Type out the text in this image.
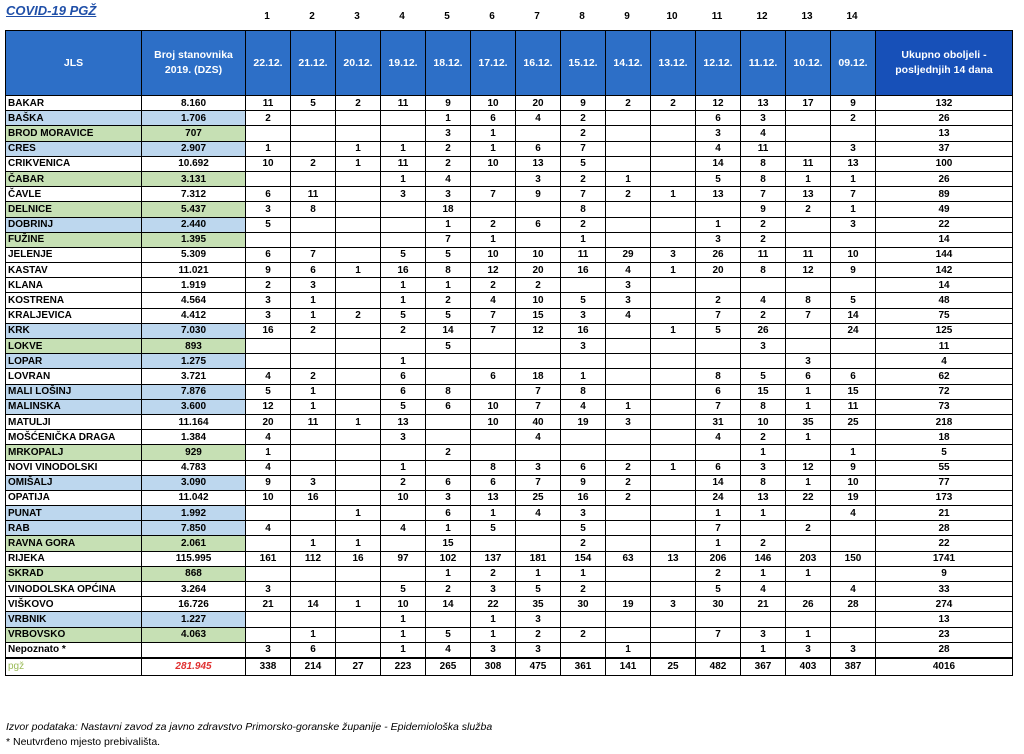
COVID-19 PGŽ	1	2	3	4	5	6	7	8	9	10	11	12	13	14
JLS	Broj stanovnika 2019. (DZS)	22.12.	21.12.	20.12.	19.12.	18.12.	17.12.	16.12.	15.12.	14.12.	13.12.	12.12.	11.12.	10.12.	09.12.	Ukupno oboljeli - posljednjih 14 dana
BAKAR	8.160	11	5	2	11	9	10	20	9	2	2	12	13	17	9	132
BAŠKA	1.706	2				1	6	4	2			6	3		2	26
BROD MORAVICE	707					3	1		2			3	4			13
CRES	2.907	1		1	1	2	1	6	7			4	11		3	37
CRIKVENICA	10.692	10	2	1	11	2	10	13	5			14	8	11	13	100
ČABAR	3.131				1	4		3	2	1		5	8	1	1	26
ČAVLE	7.312	6	11		3	3	7	9	7	2	1	13	7	13	7	89
DELNICE	5.437	3	8			18			8				9	2	1	49
DOBRINJ	2.440	5				1	2	6	2			1	2		3	22
FUŽINE	1.395					7	1		1			3	2			14
JELENJE	5.309	6	7		5	5	10	10	11	29	3	26	11	11	10	144
KASTAV	11.021	9	6	1	16	8	12	20	16	4	1	20	8	12	9	142
KLANA	1.919	2	3		1	1	2	2		3						14
KOSTRENA	4.564	3	1		1	2	4	10	5	3		2	4	8	5	48
KRALJEVICA	4.412	3	1	2	5	5	7	15	3	4		7	2	7	14	75
KRK	7.030	16	2		2	14	7	12	16		1	5	26		24	125
LOKVE	893					5			3				3			11
LOPAR	1.275				1									3		4
LOVRAN	3.721	4	2		6		6	18	1			8	5	6	6	62
MALI LOŠINJ	7.876	5	1		6	8		7	8			6	15	1	15	72
MALINSKA	3.600	12	1		5	6	10	7	4	1		7	8	1	11	73
MATULJI	11.164	20	11	1	13		10	40	19	3		31	10	35	25	218
MOŠĆENIČKA DRAGA	1.384	4			3			4				4	2	1		18
MRKOPALJ	929	1				2							1		1	5
NOVI VINODOLSKI	4.783	4			1		8	3	6	2	1	6	3	12	9	55
OMIŠALJ	3.090	9	3		2	6	6	7	9	2		14	8	1	10	77
OPATIJA	11.042	10	16		10	3	13	25	16	2		24	13	22	19	173
PUNAT	1.992			1		6	1	4	3			1	1		4	21
RAB	7.850	4			4	1	5		5			7		2		28
RAVNA GORA	2.061		1	1		15			2			1	2			22
RIJEKA	115.995	161	112	16	97	102	137	181	154	63	13	206	146	203	150	1741
SKRAD	868					1	2	1	1			2	1	1		9
VINODOLSKA OPĆINA	3.264	3			5	2	3	5	2			5	4		4	33
VIŠKOVO	16.726	21	14	1	10	14	22	35	30	19	3	30	21	26	28	274
VRBNIK	1.227				1		1	3								13
VRBOVSKO	4.063		1		1	5	1	2	2			7	3	1		23
Nepoznato *		3	6		1	4	3	3		1			1	3	3	28
pgž	281.945	338	214	27	223	265	308	475	361	141	25	482	367	403	387	4016
Izvor podataka: Nastavni zavod za javno zdravstvo Primorsko-goranske županije - Epidemiološka služba
* Neutvrđeno mjesto prebivališta.
